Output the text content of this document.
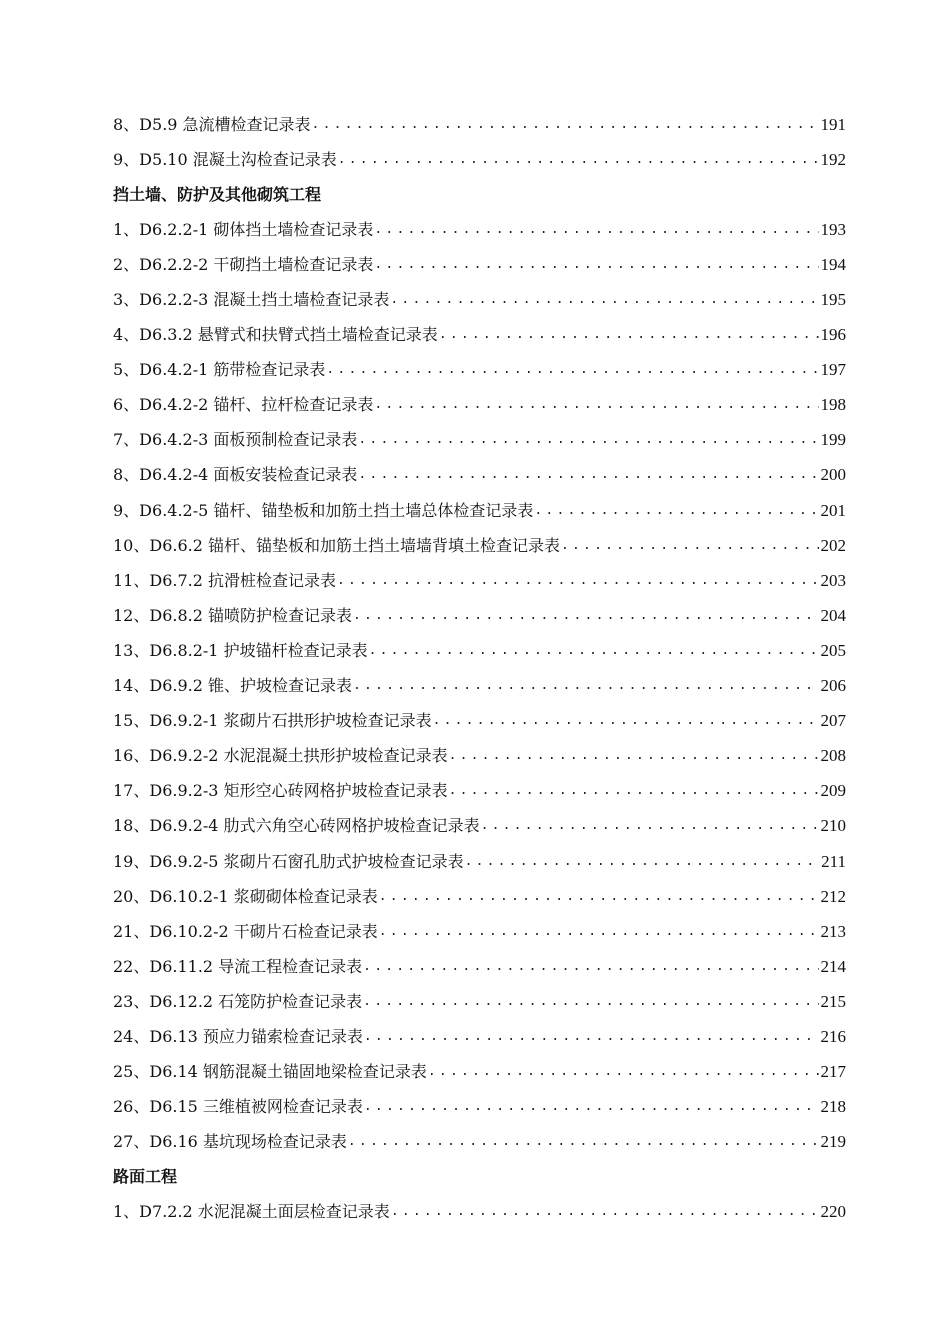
8、D5.9 急流槽检查记录表 .....	191
9、D5.10 混凝土沟检查记录表 .....	192
挡土墙、防护及其他砌筑工程
1、D6.2.2-1 砌体挡土墙检查记录表 .....	193
2、D6.2.2-2 干砌挡土墙检查记录表 .....	194
3、D6.2.2-3 混凝土挡土墙检查记录表 .....	195
4、D6.3.2 悬臂式和扶臂式挡土墙检查记录表 .....	196
5、D6.4.2-1 筋带检查记录表 .....	197
6、D6.4.2-2 锚杆、拉杆检查记录表 .....	198
7、D6.4.2-3 面板预制检查记录表 .....	199
8、D6.4.2-4 面板安装检查记录表 .....	200
9、D6.4.2-5 锚杆、锚垫板和加筋土挡土墙总体检查记录表 .....	201
10、D6.6.2 锚杆、锚垫板和加筋土挡土墙墙背填土检查记录表 .....	202
11、D6.7.2 抗滑桩检查记录表 .....	203
12、D6.8.2 锚喷防护检查记录表 .....	204
13、D6.8.2-1 护坡锚杆检查记录表 .....	205
14、D6.9.2 锥、护坡检查记录表 .....	206
15、D6.9.2-1 浆砌片石拱形护坡检查记录表 .....	207
16、D6.9.2-2 水泥混凝土拱形护坡检查记录表 .....	208
17、D6.9.2-3 矩形空心砖网格护坡检查记录表 .....	209
18、D6.9.2-4 肋式六角空心砖网格护坡检查记录表 .....	210
19、D6.9.2-5 浆砌片石窗孔肋式护坡检查记录表 .....	211
20、D6.10.2-1 浆砌砌体检查记录表 .....	212
21、D6.10.2-2 干砌片石检查记录表 .....	213
22、D6.11.2 导流工程检查记录表 .....	214
23、D6.12.2 石笼防护检查记录表 .....	215
24、D6.13 预应力锚索检查记录表 .....	216
25、D6.14 钢筋混凝土锚固地梁检查记录表 .....	217
26、D6.15 三维植被网检查记录表 .....	218
27、D6.16 基坑现场检查记录表 .....	219
路面工程
1、D7.2.2 水泥混凝土面层检查记录表 .....	220
